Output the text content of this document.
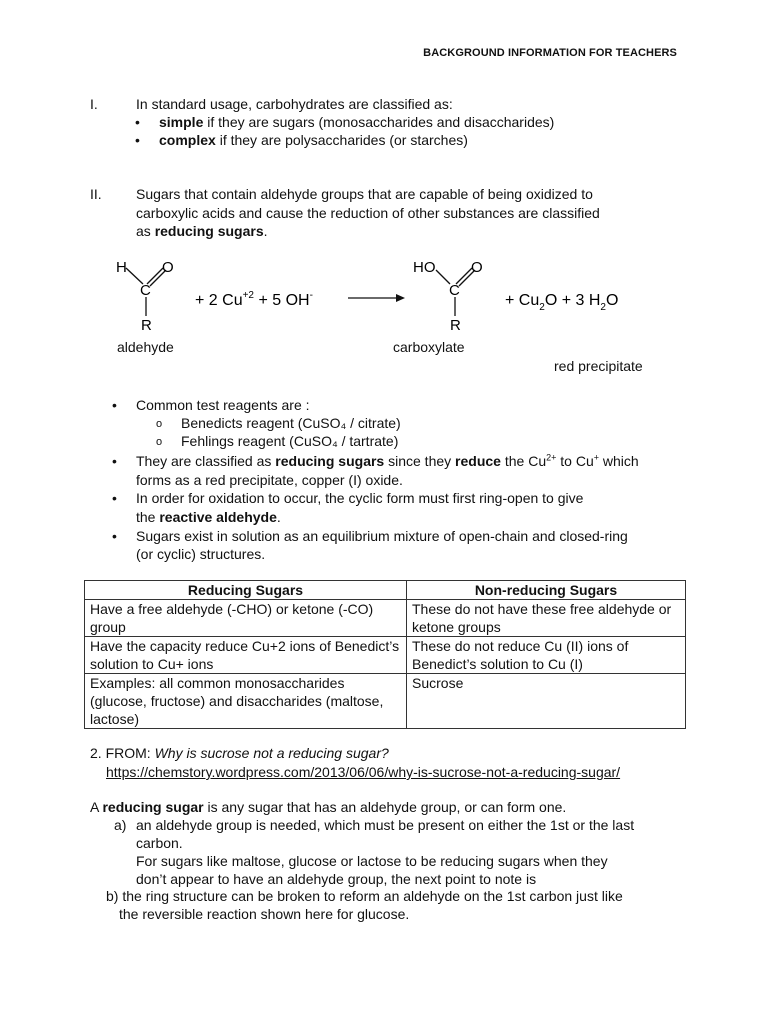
BACKGROUND INFORMATION FOR TEACHERS
I.	In standard usage, carbohydrates are classified as:
• simple if they are sugars (monosaccharides and disaccharides)
• complex if they are polysaccharides (or starches)
II. Sugars that contain aldehyde groups that are capable of being oxidized to
carboxylic acids and cause the reduction of other substances are classified
as reducing sugars.
H O
C
R
+ 2 $Cu^{+2} + 5$ OH-
HO O
C
R
+ $Cu_2O + 3$ $H_2O$
aldehyde	carboxylate
red precipitate
• Common test reagents are :
o Benedicts reagent (CuSO₄ / citrate)
o Fehlings reagent (CuSO₄ / tartrate)
• They are classified as reducing sugars since they reduce the $Cu^{2+}$ to Cu+ which
forms as a red precipitate, copper (I) oxide.
• In order for oxidation to occur, the cyclic form must first ring-open to give
the reactive aldehyde.
• Sugars exist in solution as an equilibrium mixture of open-chain and closed-ring
(or cyclic) structures.
Reducing Sugars	Non-reducing Sugars
Have a free aldehyde (-CHO) or ketone (-CO) group	These do not have these free aldehyde or ketone groups
Have the capacity reduce Cu+2 ions of Benedict’s solution to Cu+ ions	These do not reduce Cu (II) ions of Benedict’s solution to Cu (I)
Examples: all common monosaccharides (glucose, fructose) and disaccharides (maltose, lactose)	Sucrose
2. FROM: Why is sucrose not a reducing sugar?
https://chemstory.wordpress.com/2013/06/06/why-is-sucrose-not-a-reducing-sugar/
A reducing sugar is any sugar that has an aldehyde group, or can form one.
a) an aldehyde group is needed, which must be present on either the 1st or the last
carbon.
For sugars like maltose, glucose or lactose to be reducing sugars when they
don’t appear to have an aldehyde group, the next point to note is
b) the ring structure can be broken to reform an aldehyde on the 1st carbon just like
the reversible reaction shown here for glucose.
